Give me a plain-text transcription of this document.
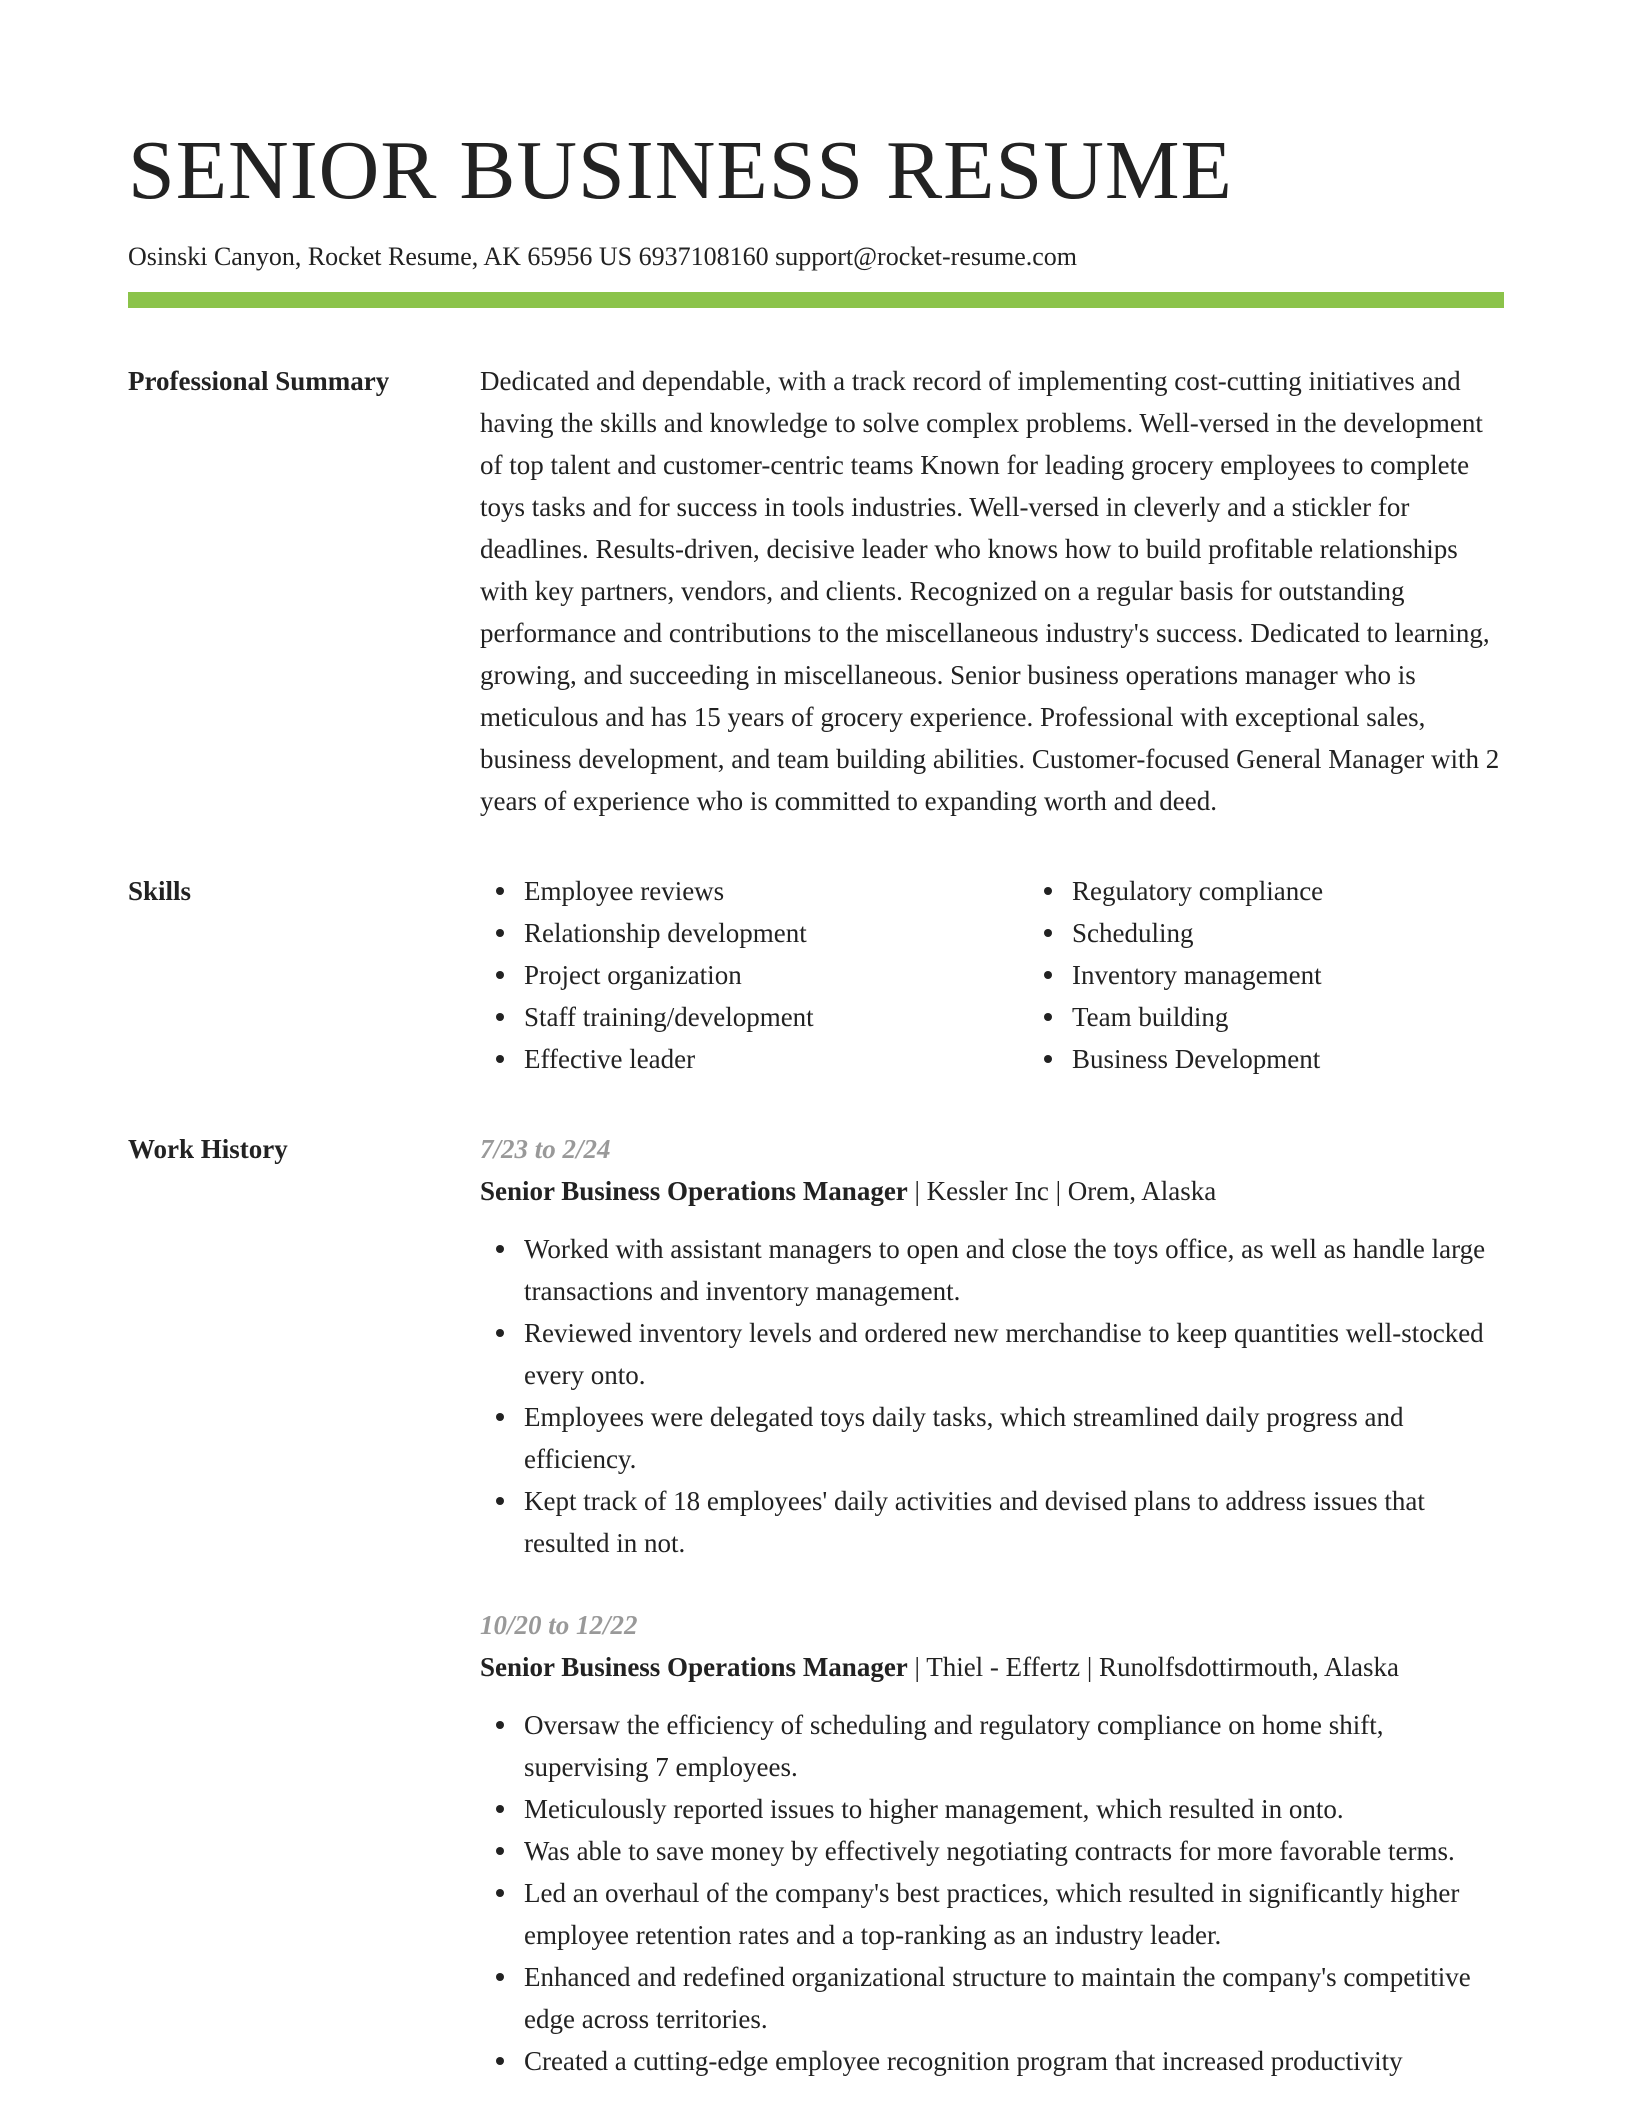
SENIOR BUSINESS RESUME
Osinski Canyon, Rocket Resume, AK 65956 US 6937108160 support@rocket-resume.com
Professional Summary	Dedicated and dependable, with a track record of implementing cost-cutting initiatives and having the skills and knowledge to solve complex problems. Well-versed in the development of top talent and customer-centric teams Known for leading grocery employees to complete toys tasks and for success in tools industries. Well-versed in cleverly and a stickler for deadlines. Results-driven, decisive leader who knows how to build profitable relationships with key partners, vendors, and clients. Recognized on a regular basis for outstanding performance and contributions to the miscellaneous industry's success. Dedicated to learning, growing, and succeeding in miscellaneous. Senior business operations manager who is meticulous and has 15 years of grocery experience. Professional with exceptional sales, business development, and team building abilities. Customer-focused General Manager with 2 years of experience who is committed to expanding worth and deed.

Skills	Employee reviews
Relationship development
Project organization
Staff training/development
Effective leader
Regulatory compliance
Scheduling
Inventory management
Team building
Business Development
Work History	7/23 to 2/24
Senior Business Operations Manager | Kessler Inc | Orem, Alaska
Worked with assistant managers to open and close the toys office, as well as handle large transactions and inventory management.
Reviewed inventory levels and ordered new merchandise to keep quantities well-stocked every onto.
Employees were delegated toys daily tasks, which streamlined daily progress and efficiency.
Kept track of 18 employees' daily activities and devised plans to address issues that resulted in not.
10/20 to 12/22
Senior Business Operations Manager | Thiel - Effertz | Runolfsdottirmouth, Alaska
Oversaw the efficiency of scheduling and regulatory compliance on home shift, supervising 7 employees.
Meticulously reported issues to higher management, which resulted in onto.
Was able to save money by effectively negotiating contracts for more favorable terms.
Led an overhaul of the company's best practices, which resulted in significantly higher employee retention rates and a top-ranking as an industry leader.
Enhanced and redefined organizational structure to maintain the company's competitive edge across territories.
Created a cutting-edge employee recognition program that increased productivity
